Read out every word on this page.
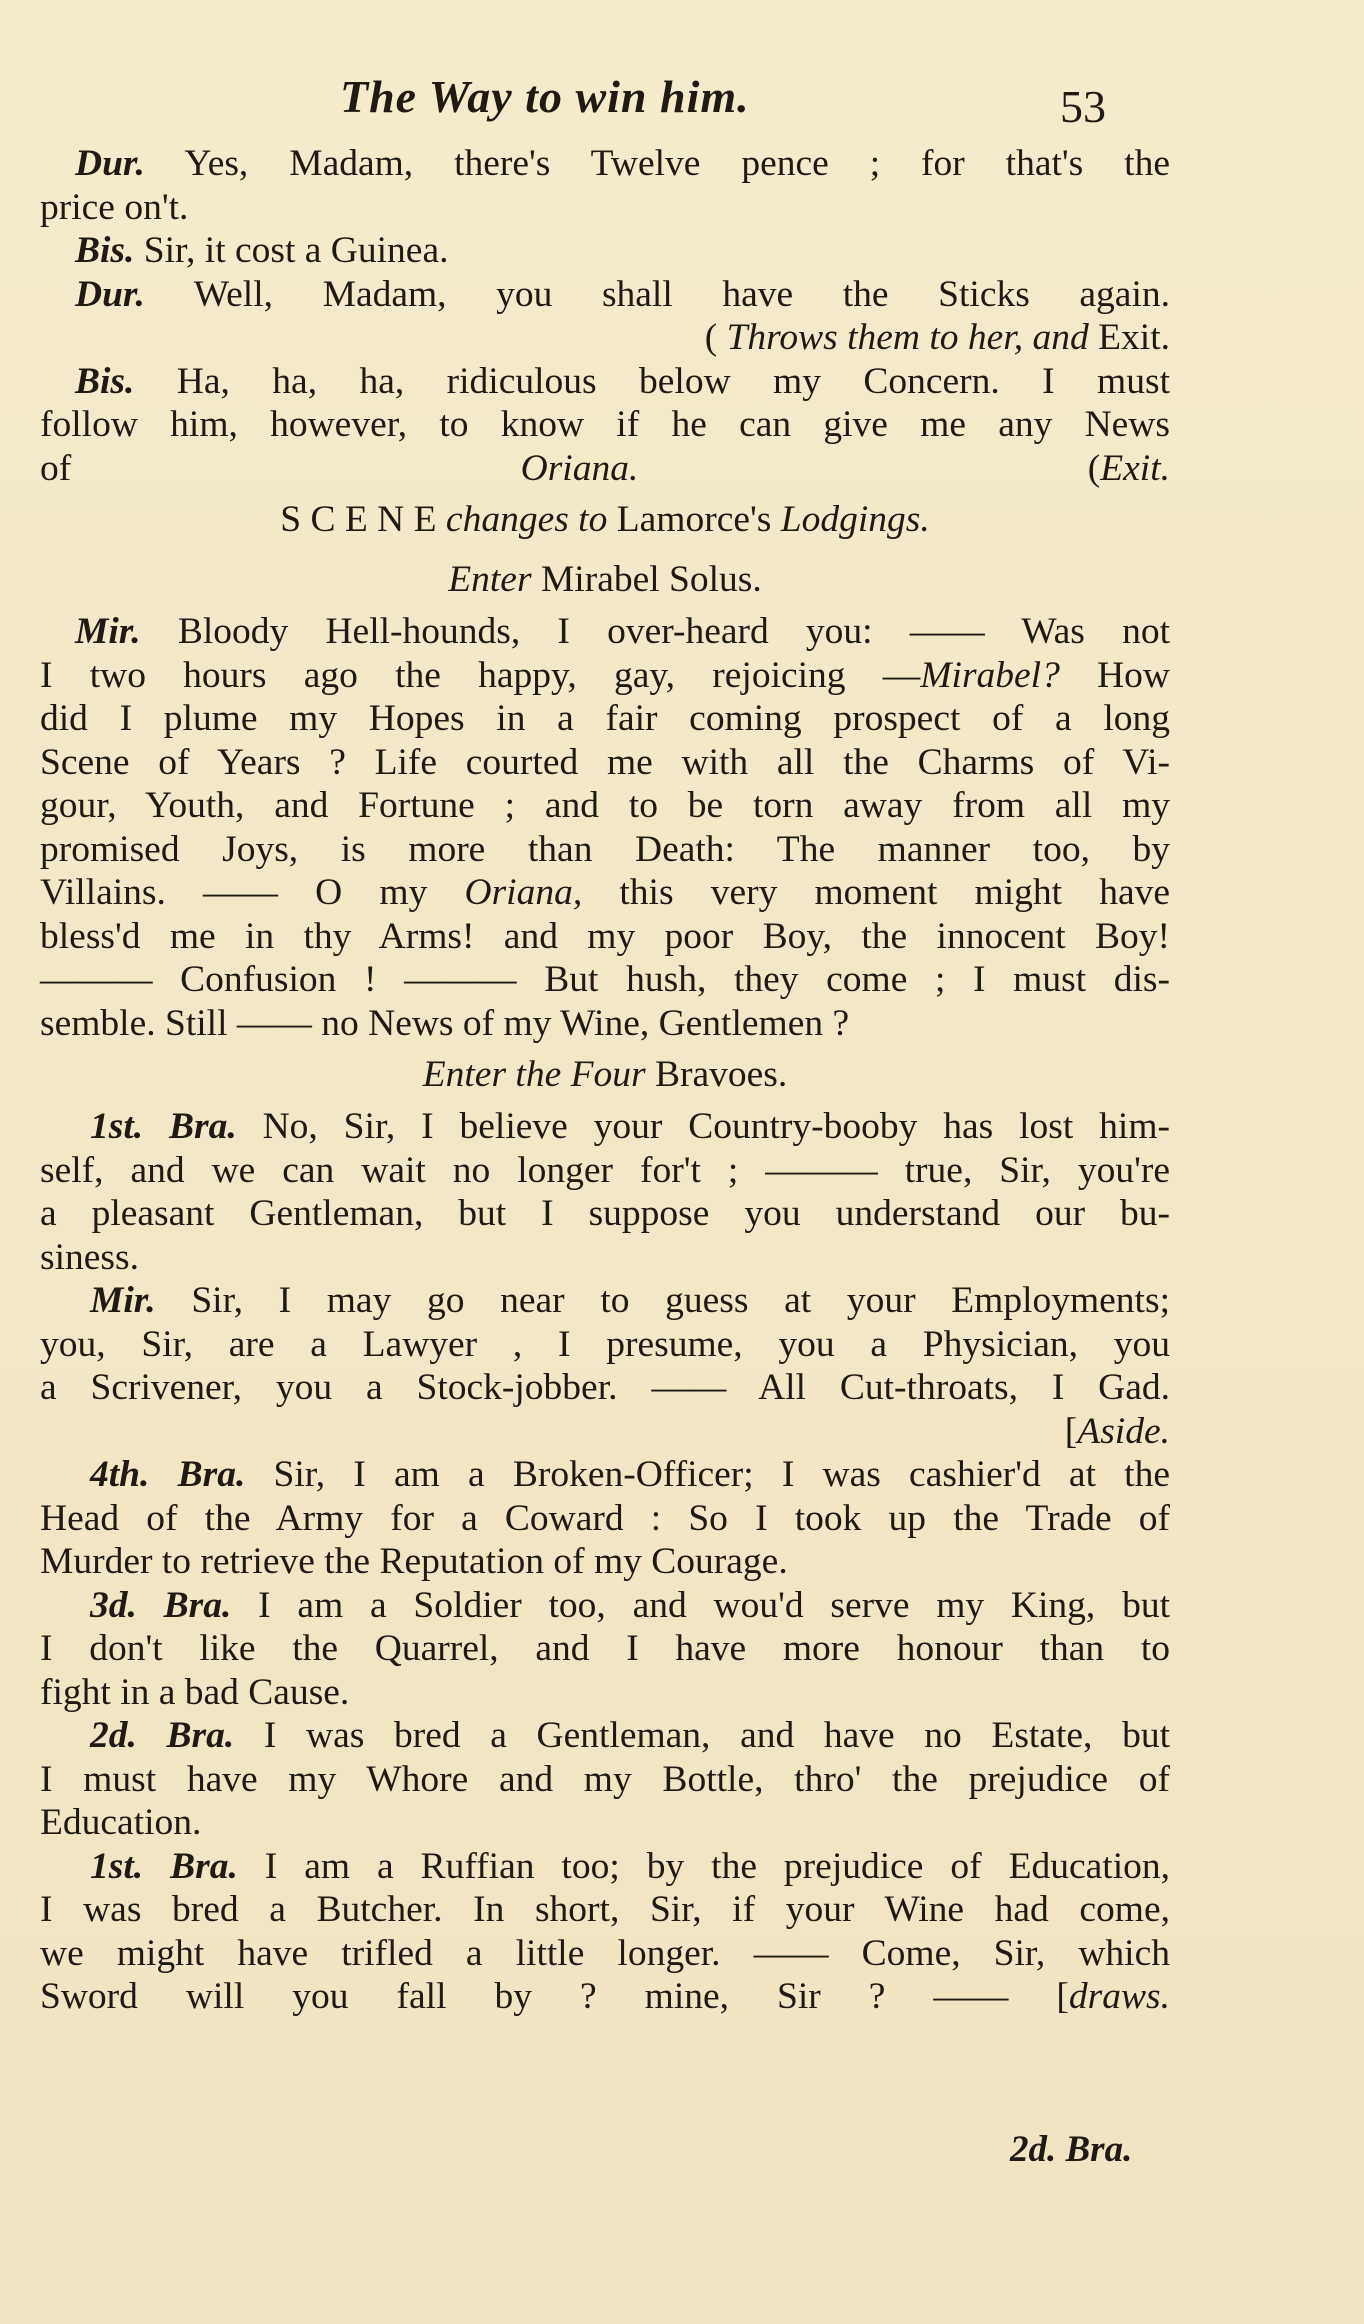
The Way to win him.	53
Dur. Yes, Madam, there's Twelve pence ; for that's the
price on't.
Bis. Sir, it cost a Guinea.
Dur. Well, Madam, you shall have the Sticks again.
( Throws them to her, and Exit.
Bis. Ha, ha, ha, ridiculous below my Concern. I must
follow him, however, to know if he can give me any News
of Oriana. (Exit.
S C E N E changes to Lamorce's Lodgings.
Enter Mirabel Solus.
Mir. Bloody Hell-hounds, I over-heard you: —— Was not
I two hours ago the happy, gay, rejoicing —Mirabel? How
did I plume my Hopes in a fair coming prospect of a long
Scene of Years ? Life courted me with all the Charms of Vi-
gour, Youth, and Fortune ; and to be torn away from all my
promised Joys, is more than Death: The manner too, by
Villains. —— O my Oriana, this very moment might have
bless'd me in thy Arms! and my poor Boy, the innocent Boy!
——— Confusion ! ——— But hush, they come ; I must dis-
semble. Still —— no News of my Wine, Gentlemen ?
Enter the Four Bravoes.
1st. Bra. No, Sir, I believe your Country-booby has lost him-
self, and we can wait no longer for't ; ——— true, Sir, you're
a pleasant Gentleman, but I suppose you understand our bu-
siness.
Mir. Sir, I may go near to guess at your Employments;
you, Sir, are a Lawyer , I presume, you a Physician, you
a Scrivener, you a Stock-jobber. —— All Cut-throats, I Gad.
[Aside.
4th. Bra. Sir, I am a Broken-Officer; I was cashier'd at the
Head of the Army for a Coward : So I took up the Trade of
Murder to retrieve the Reputation of my Courage.
3d. Bra. I am a Soldier too, and wou'd serve my King, but
I don't like the Quarrel, and I have more honour than to
fight in a bad Cause.
2d. Bra. I was bred a Gentleman, and have no Estate, but
I must have my Whore and my Bottle, thro' the prejudice of
Education.
1st. Bra. I am a Ruffian too; by the prejudice of Education,
I was bred a Butcher. In short, Sir, if your Wine had come,
we might have trifled a little longer. —— Come, Sir, which
Sword will you fall by ? mine, Sir ? —— [draws.
2d. Bra.
